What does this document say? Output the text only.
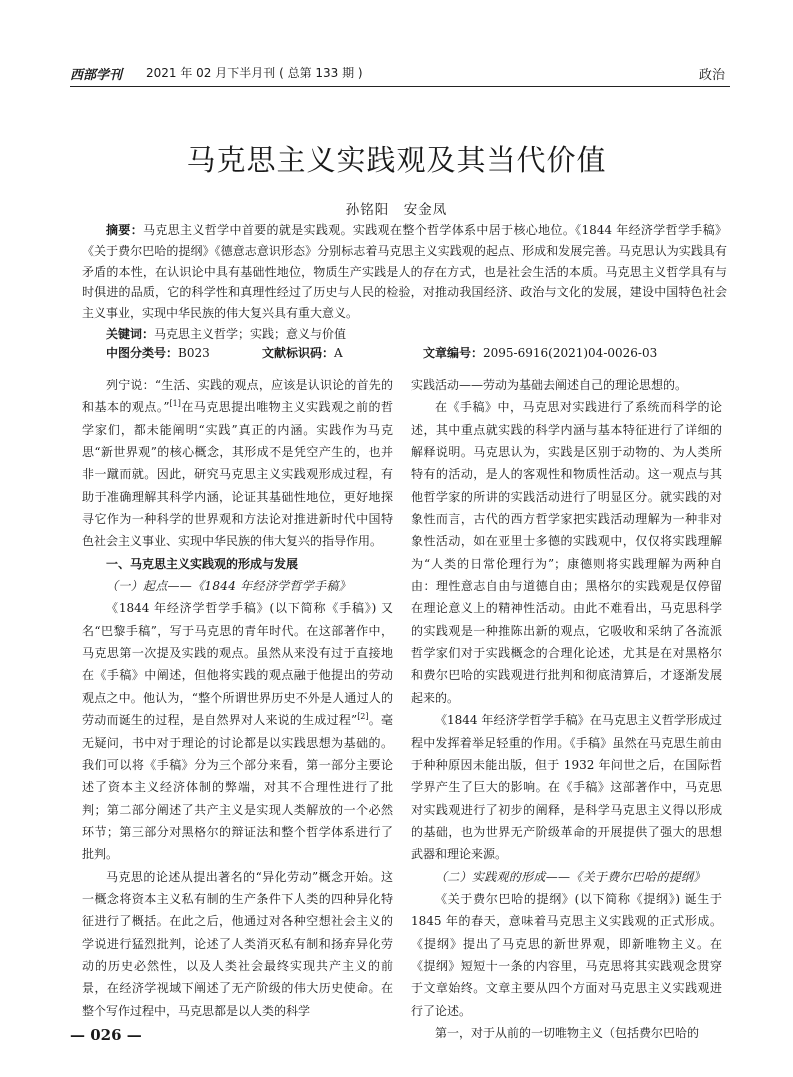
西部学刊 2021 年 02 月下半月刊 ( 总第 133 期 )	政治
马克思主义实践观及其当代价值
孙铭阳　安金凤
摘要：马克思主义哲学中首要的就是实践观。实践观在整个哲学体系中居于核心地位。《1844 年经济学哲学手稿》《关于费尔巴哈的提纲》《德意志意识形态》分别标志着马克思主义实践观的起点、形成和发展完善。马克思认为实践具有矛盾的本性，在认识论中具有基础性地位，物质生产实践是人的存在方式，也是社会生活的本质。马克思主义哲学具有与时俱进的品质，它的科学性和真理性经过了历史与人民的检验，对推动我国经济、政治与文化的发展，建设中国特色社会主义事业，实现中华民族的伟大复兴具有重大意义。
关键词：马克思主义哲学；实践；意义与价值
中图分类号：B023	文献标识码：A	文章编号：2095-6916(2021)04-0026-03

列宁说：“生活、实践的观点，应该是认识论的首先的和基本的观点。”[1]在马克思提出唯物主义实践观之前的哲学家们，都未能阐明“实践”真正的内涵。实践作为马克思“新世界观”的核心概念，其形成不是凭空产生的，也并非一蹴而就。因此，研究马克思主义实践观形成过程，有助于准确理解其科学内涵，论证其基础性地位，更好地探寻它作为一种科学的世界观和方法论对推进新时代中国特色社会主义事业、实现中华民族的伟大复兴的指导作用。

一、马克思主义实践观的形成与发展
（一）起点——《1844 年经济学哲学手稿》

《1844 年经济学哲学手稿》(以下简称《手稿》) 又名“巴黎手稿”，写于马克思的青年时代。在这部著作中，马克思第一次提及实践的观点。虽然从来没有过于直接地在《手稿》中阐述，但他将实践的观点融于他提出的劳动观点之中。他认为，“整个所谓世界历史不外是人通过人的劳动而诞生的过程，是自然界对人来说的生成过程”[2]。毫无疑问，书中对于理论的讨论都是以实践思想为基础的。我们可以将《手稿》分为三个部分来看，第一部分主要论述了资本主义经济体制的弊端，对其不合理性进行了批判；第二部分阐述了共产主义是实现人类解放的一个必然环节；第三部分对黑格尔的辩证法和整个哲学体系进行了批判。

马克思的论述从提出著名的“异化劳动”概念开始。这一概念将资本主义私有制的生产条件下人类的四种异化特征进行了概括。在此之后，他通过对各种空想社会主义的学说进行猛烈批判，论述了人类消灭私有制和扬弃异化劳动的历史必然性，以及人类社会最终实现共产主义的前景，在经济学视域下阐述了无产阶级的伟大历史使命。在整个写作过程中，马克思都是以人类的科学

实践活动——劳动为基础去阐述自己的理论思想的。

在《手稿》中，马克思对实践进行了系统而科学的论述，其中重点就实践的科学内涵与基本特征进行了详细的解释说明。马克思认为，实践是区别于动物的、为人类所特有的活动，是人的客观性和物质性活动。这一观点与其他哲学家的所讲的实践活动进行了明显区分。就实践的对象性而言，古代的西方哲学家把实践活动理解为一种非对象性活动，如在亚里士多德的实践观中，仅仅将实践理解为“人类的日常伦理行为”；康德则将实践理解为两种自由：理性意志自由与道德自由；黑格尔的实践观是仅停留在理论意义上的精神性活动。由此不难看出，马克思科学的实践观是一种推陈出新的观点，它吸收和采纳了各流派哲学家们对于实践概念的合理化论述，尤其是在对黑格尔和费尔巴哈的实践观进行批判和彻底清算后，才逐渐发展起来的。

《1844 年经济学哲学手稿》在马克思主义哲学形成过程中发挥着举足轻重的作用。《手稿》虽然在马克思生前由于种种原因未能出版，但于 1932 年问世之后，在国际哲学界产生了巨大的影响。在《手稿》这部著作中，马克思对实践观进行了初步的阐释，是科学马克思主义得以形成的基础，也为世界无产阶级革命的开展提供了强大的思想武器和理论来源。

（二）实践观的形成——《关于费尔巴哈的提纲》

《关于费尔巴哈的提纲》(以下简称《提纲》) 诞生于 1845 年的春天，意味着马克思主义实践观的正式形成。《提纲》提出了马克思的新世界观，即新唯物主义。在《提纲》短短十一条的内容里，马克思将其实践观念贯穿于文章始终。文章主要从四个方面对马克思主义实践观进行了论述。

第一，对于从前的一切唯物主义（包括费尔巴哈的

— 026 —
